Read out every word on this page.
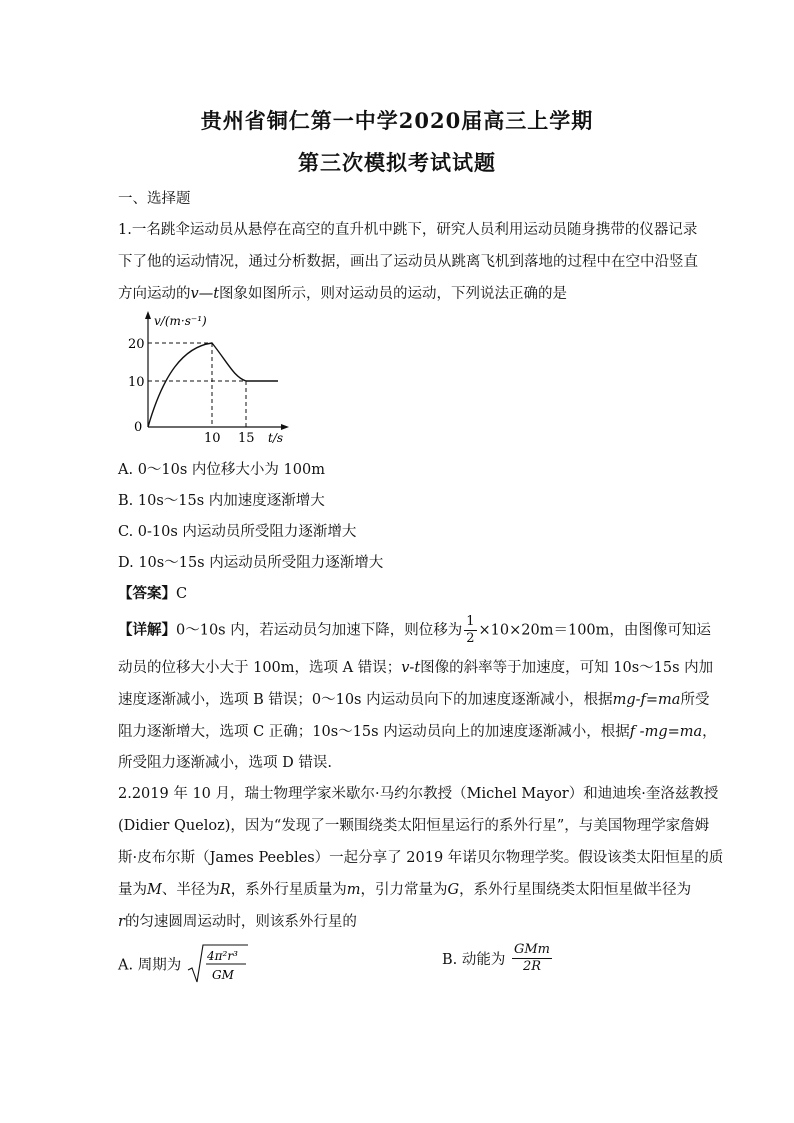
贵州省铜仁第一中学2020届高三上学期
第三次模拟考试试题
一、选择题
1.一名跳伞运动员从悬停在高空的直升机中跳下，研究人员利用运动员随身携带的仪器记录
下了他的运动情况，通过分析数据，画出了运动员从跳离飞机到落地的过程中在空中沿竖直
方向运动的v—t图象如图所示，则对运动员的运动，下列说法正确的是
v/(m·s⁻¹)
20
10
0
10 15 t/s
A. 0～10s 内位移大小为 100m
B. 10s～15s 内加速度逐渐增大
C. 0-10s 内运动员所受阻力逐渐增大
D. 10s～15s 内运动员所受阻力逐渐增大
【答案】C
【详解】0～10s 内，若运动员匀加速下降，则位移为 $\frac{1}{2} \times 10\times 20m=100m$，由图像可知运
动员的位移大小大于 100m，选项 A 错误；v-t图像的斜率等于加速度，可知 10s～15s 内加
速度逐渐减小，选项 B 错误；0～10s 内运动员向下的加速度逐渐减小，根据mg-f=ma所受
阻力逐渐增大，选项 C 正确；10s～15s 内运动员向上的加速度逐渐减小，根据f -mg=ma，
所受阻力逐渐减小，选项 D 错误.
2.2019 年 10 月，瑞士物理学家米歇尔·马约尔教授（Michel Mayor）和迪迪埃·奎洛兹教授
(Didier Queloz)，因为“发现了一颗围绕类太阳恒星运行的系外行星”，与美国物理学家詹姆
斯·皮布尔斯（James Peebles）一起分享了 2019 年诺贝尔物理学奖。假设该类太阳恒星的质
量为M、半径为R，系外行星质量为m，引力常量为G，系外行星围绕类太阳恒星做半径为
r的匀速圆周运动时，则该系外行星的
A. 周期为
4π²r³
GM
B. 动能为 $\frac{\text{GMm}}{2R}$
